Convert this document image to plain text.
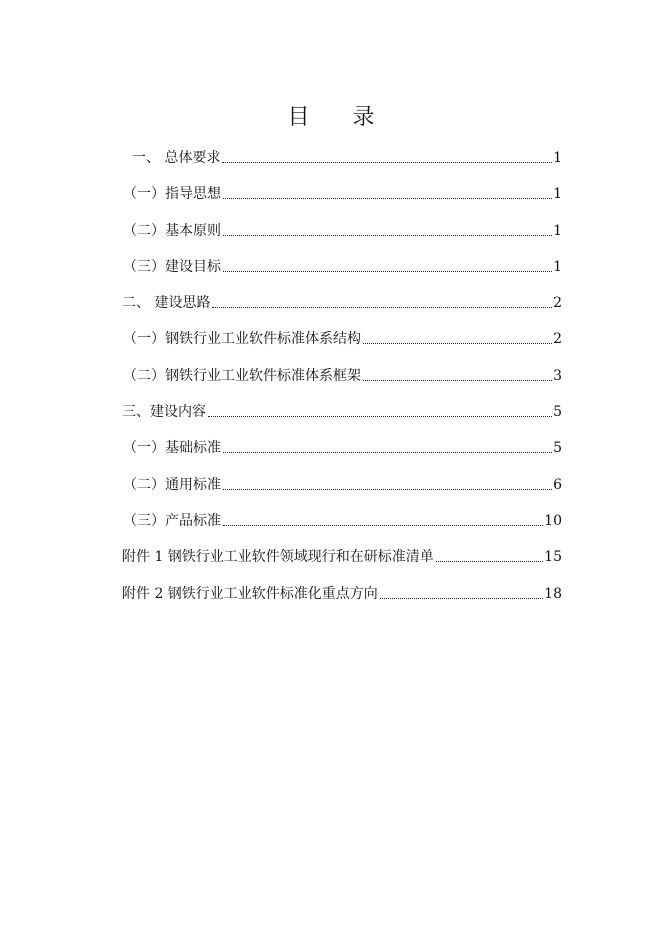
目 录
一、 总体要求	1
（一）指导思想	1
（二）基本原则	1
（三）建设目标	1
二、 建设思路	2
（一）钢铁行业工业软件标准体系结构	2
（二）钢铁行业工业软件标准体系框架	3
三、建设内容	5
（一）基础标准	5
（二）通用标准	6
（三）产品标准	10
附件 1 钢铁行业工业软件领域现行和在研标准清单	15
附件 2 钢铁行业工业软件标准化重点方向	18
